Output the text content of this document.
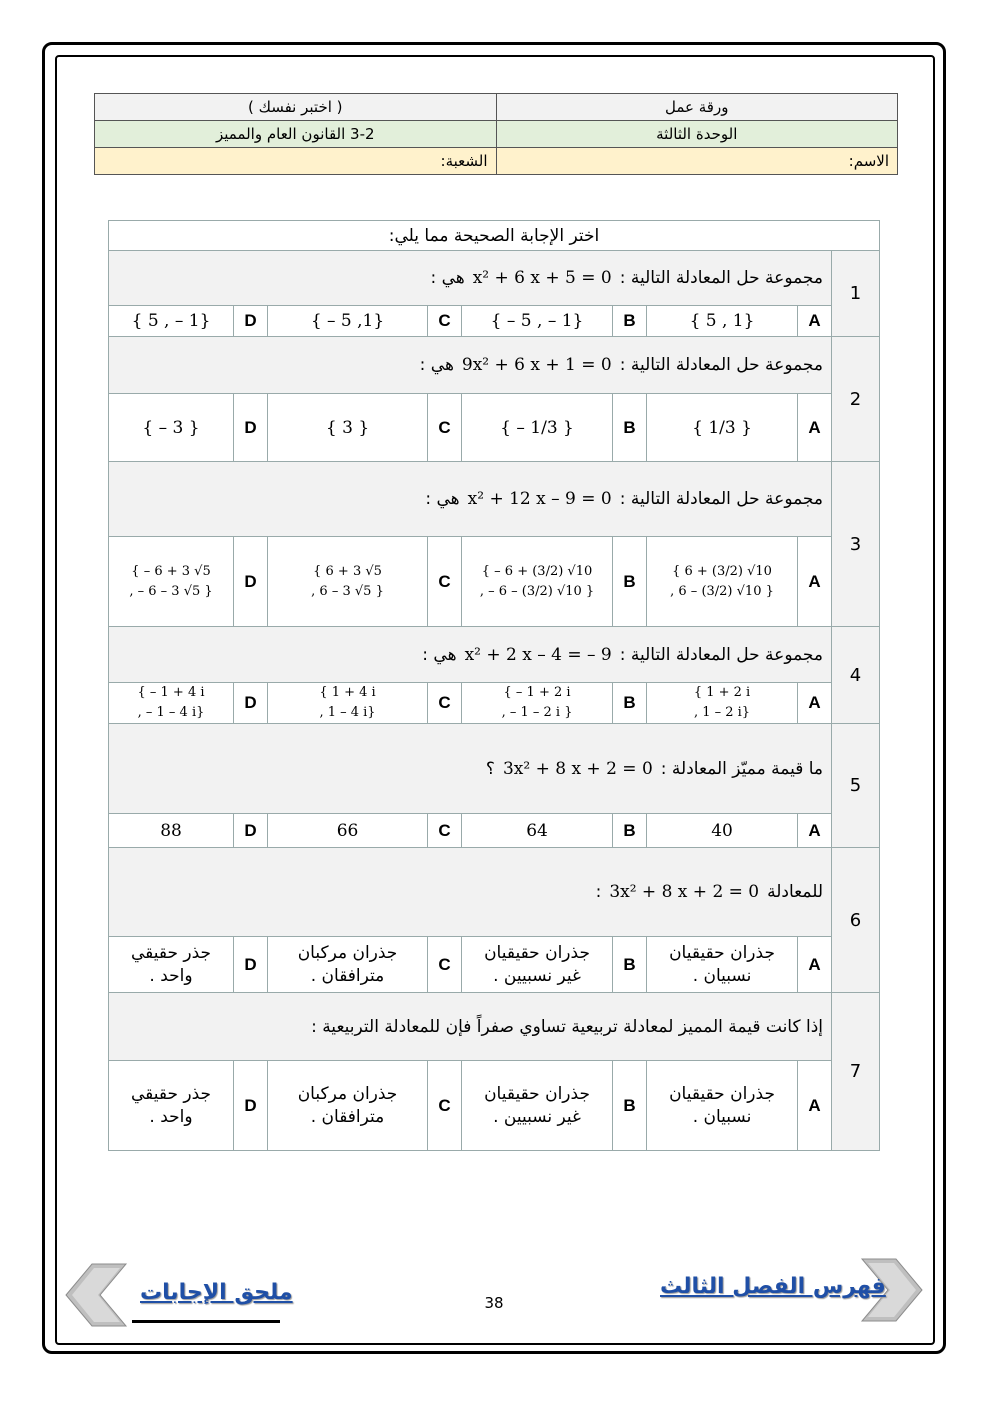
ورقة عمل	( اختبر نفسك )
الوحدة الثالثة	3-2 القانون العام والمميز
الاسم:	الشعبة:
اختر الإجابة الصحيحة مما يلي:								
1	مجموعة حل المعادلة التالية :x² + 6 x + 5 = 0هي :							
	A	{ 5 , 1}	B	{ – 5 , – 1}	C	{ – 5 ,1}	D	{ 5 , – 1}
2	مجموعة حل المعادلة التالية :9x² + 6 x + 1 = 0هي :							
	A	{ 1/3 }	B	{ – 1/3 }	C	{ 3 }	D	{ – 3 }
3	مجموعة حل المعادلة التالية :x² + 12 x – 9 = 0هي :							
	A	{ 6 + (3/2) √10
, 6 – (3/2) √10 }	B	{ – 6 + (3/2) √10
, – 6 – (3/2) √10 }	C	{ 6 + 3 √5
, 6 – 3 √5 }	D	{ – 6 + 3 √5
, – 6 – 3 √5 }
4	مجموعة حل المعادلة التالية :x² + 2 x – 4 = – 9هي :							
	A	{ 1 + 2 i
, 1 – 2 i}	B	{ – 1 + 2 i
, – 1 – 2 i }	C	{ 1 + 4 i
, 1 – 4 i}	D	{ – 1 + 4 i
, – 1 – 4 i}
5	ما قيمة مميّز المعادلة :3x² + 8 x + 2 = 0؟							
	A	40	B	64	C	66	D	88
6	للمعادلة3x² + 8 x + 2 = 0:							
	A	جذران حقيقيان
نسبيان .	B	جذران حقيقيان
غير نسبيين .	C	جذران مركبان
مترافقان .	D	جذر حقيقي
واحد .
7	إذا كانت قيمة المميز لمعادلة تربيعية تساوي صفراً فإن للمعادلة التربيعية :							
	A	جذران حقيقيان
نسبيان .	B	جذران حقيقيان
غير نسبيين .	C	جذران مركبان
مترافقان .	D	جذر حقيقي
واحد .
فهرس الفصل الثالث
ملحق الإجابات	38
